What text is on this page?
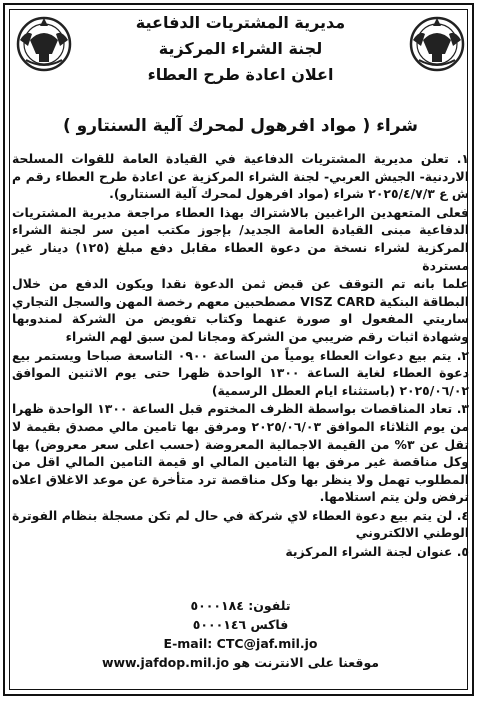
مديرية المشتريات الدفاعية
لجنة الشراء المركزية
اعلان اعادة طرح العطاء
شراء ( مواد افرهول لمحرك آلية السنتارو )

١. تعلن مديرية المشتريات الدفاعية في القيادة العامة للقوات المسلحة الاردنية- الجيش العربي- لجنة الشراء المركزية عن اعادة طرح العطاء رقم م ش ع ٢٠٢٥/٤/٧/٣ شراء (مواد افرهول لمحرك آلية السنتارو).

فعلى المتعهدين الراغبين بالاشتراك بهذا العطاء مراجعة مديرية المشتريات الدفاعية مبنى القيادة العامة الجديد/ بإجوز مكتب امين سر لجنة الشراء المركزية لشراء نسخة من دعوة العطاء مقابل دفع مبلغ (١٢٥) دينار غير مستردة

علما بانه تم التوقف عن قبض ثمن الدعوة نقدا ويكون الدفع من خلال البطاقة البنكية VISZ CARD مصطحبين معهم رخصة المهن والسجل التجاري ساريتي المفعول او صورة عنهما وكتاب تفويض من الشركة لمندوبها وشهادة اثبات رقم ضريبي من الشركة ومجانا لمن سبق لهم الشراء

٢. يتم بيع دعوات العطاء يومياً من الساعة ٠٩٠٠ التاسعة صباحا ويستمر بيع دعوة العطاء لغاية الساعة ١٣٠٠ الواحدة ظهرا حتى يوم الاثنين الموافق ٢٠٢٥/٠٦/٠٢ (باستثناء ايام العطل الرسمية)

٣. تعاد المناقصات بواسطة الظرف المختوم قبل الساعة ١٣٠٠ الواحدة ظهرا من يوم الثلاثاء الموافق ٢٠٢٥/٠٦/٠٣ ومرفق بها تامين مالي مصدق بقيمة لا تقل عن ٣% من القيمة الاجمالية المعروضة (حسب اعلى سعر معروض) بها وكل مناقصة غير مرفق بها التامين المالي او قيمة التامين المالي اقل من المطلوب تهمل ولا ينظر بها وكل مناقصة ترد متأخرة عن موعد الاغلاق اعلاه ترفض ولن يتم استلامها.

٤. لن يتم بيع دعوة العطاء لاي شركة في حال لم تكن مسجلة بنظام الفوترة الوطني الالكتروني

٥. عنوان لجنة الشراء المركزية

تلفون: ٥٠٠٠١٨٤
فاكس ٥٠٠٠١٤٦
E-mail: CTC@jaf.mil.jo
موقعنا على الانترنت هو www.jafdop.mil.jo
